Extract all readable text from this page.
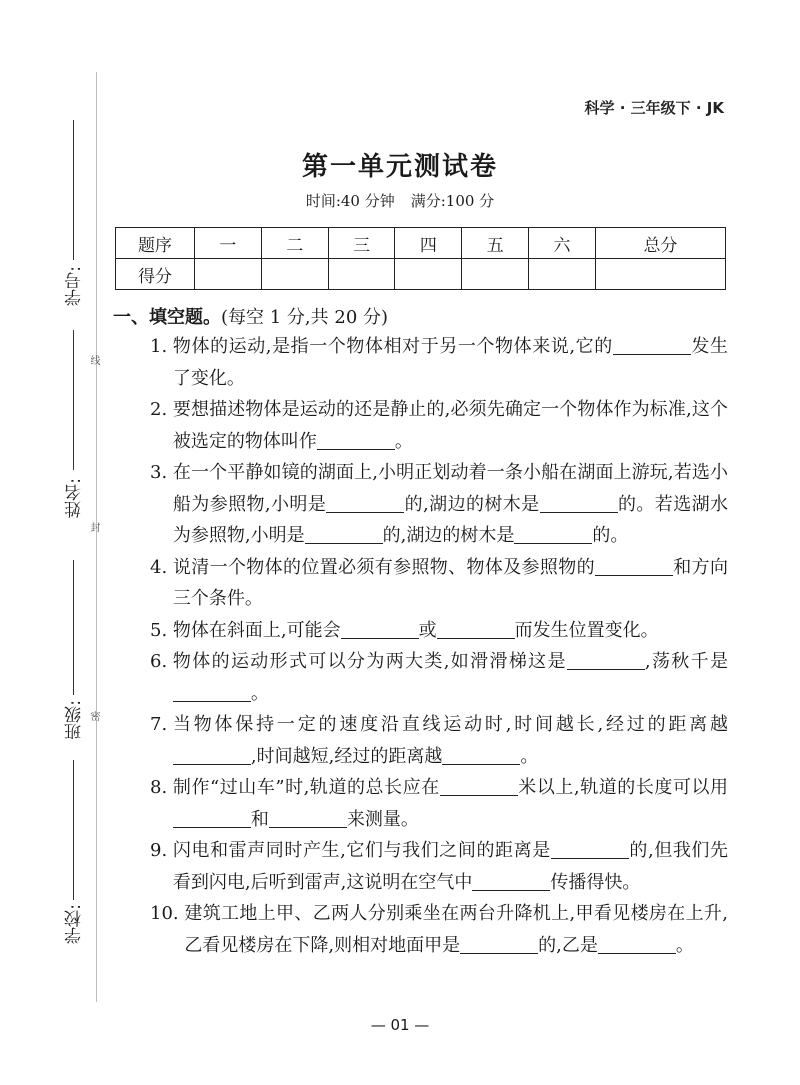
学号:
姓名:
班级:
学校:
线
封
密
科学 · 三年级下 · JK
第一单元测试卷
时间:40 分钟 满分:100 分
题序	一	二	三	四	五	六	总分
得分							
一、填空题。(每空 1 分,共 20 分)
1. 物体的运动,是指一个物体相对于另一个物体来说,它的	发生了变化。
2. 要想描述物体是运动的还是静止的,必须先确定一个物体作为标准,这个被选定的物体叫作	。
3. 在一个平静如镜的湖面上,小明正划动着一条小船在湖面上游玩,若选小船为参照物,小明是	的,湖边的树木是	的。若选湖水为参照物,小明是	的,湖边的树木是	的。
4. 说清一个物体的位置必须有参照物、物体及参照物的	和方向三个条件。
5. 物体在斜面上,可能会	或	而发生位置变化。
6. 物体的运动形式可以分为两大类,如滑滑梯这是	,荡秋千是。
7. 当物体保持一定的速度沿直线运动时,时间越长,经过的距离越,时间越短,经过的距离越	。
8. 制作“过山车”时,轨道的总长应在	米以上,轨道的长度可以用和	来测量。
9. 闪电和雷声同时产生,它们与我们之间的距离是	的,但我们先看到闪电,后听到雷声,这说明在空气中	传播得快。
10. 建筑工地上甲、乙两人分别乘坐在两台升降机上,甲看见楼房在上升,乙看见楼房在下降,则相对地面甲是	的,乙是	。
— 01 —
